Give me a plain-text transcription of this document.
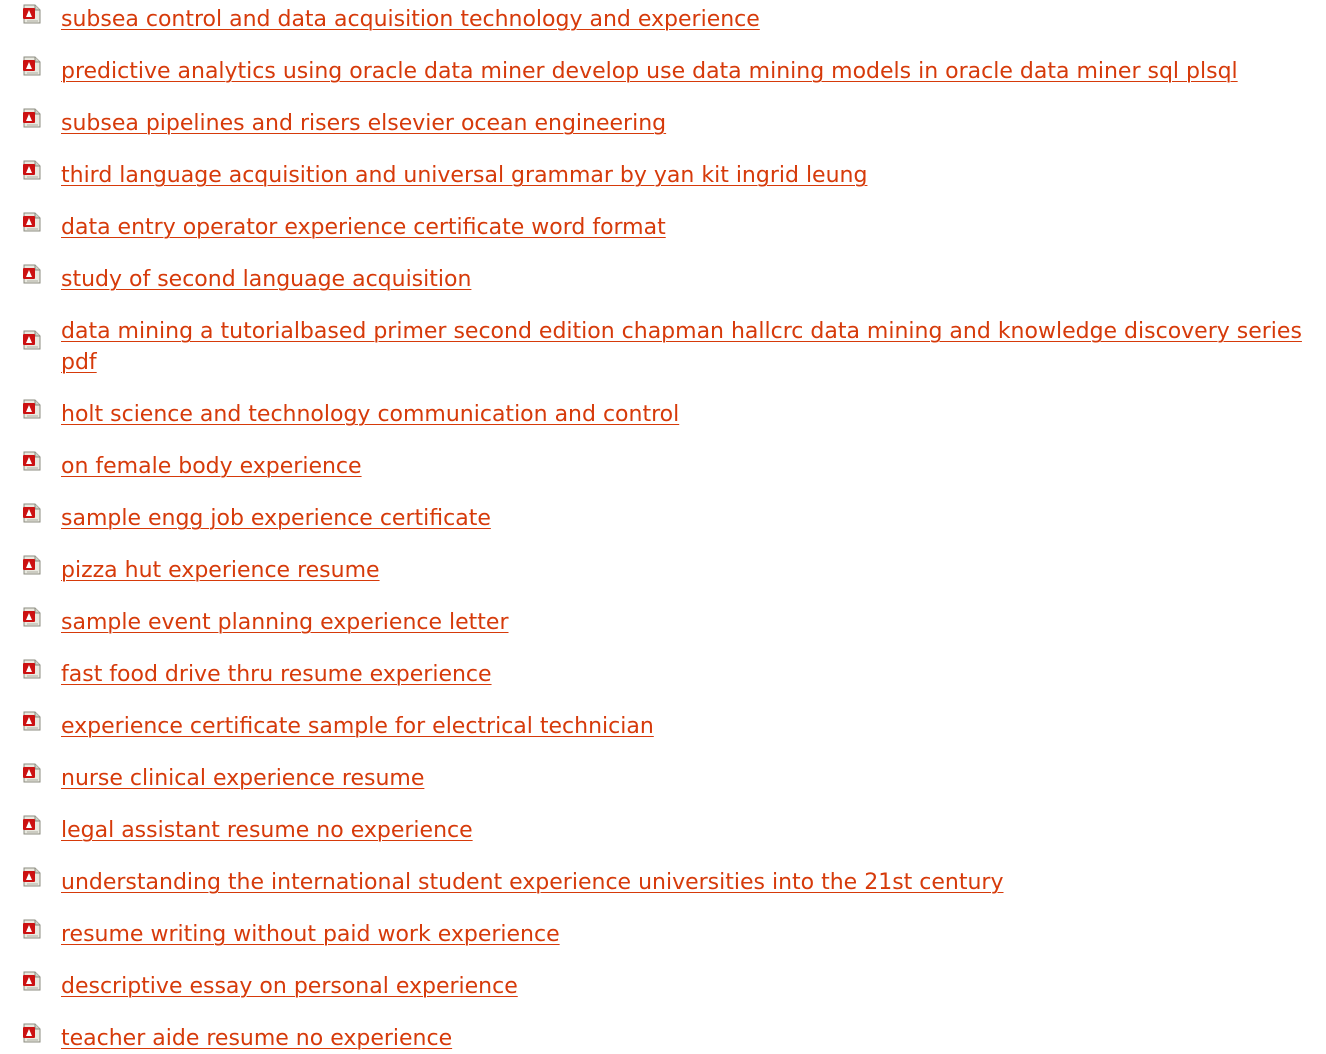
subsea control and data acquisition technology and experience
predictive analytics using oracle data miner develop use data mining models in oracle data miner sql plsql
subsea pipelines and risers elsevier ocean engineering
third language acquisition and universal grammar by yan kit ingrid leung
data entry operator experience certificate word format
study of second language acquisition
data mining a tutorialbased primer second edition chapman hallcrc data mining and knowledge discovery series pdf
holt science and technology communication and control
on female body experience
sample engg job experience certificate
pizza hut experience resume
sample event planning experience letter
fast food drive thru resume experience
experience certificate sample for electrical technician
nurse clinical experience resume
legal assistant resume no experience
understanding the international student experience universities into the 21st century
resume writing without paid work experience
descriptive essay on personal experience
teacher aide resume no experience
